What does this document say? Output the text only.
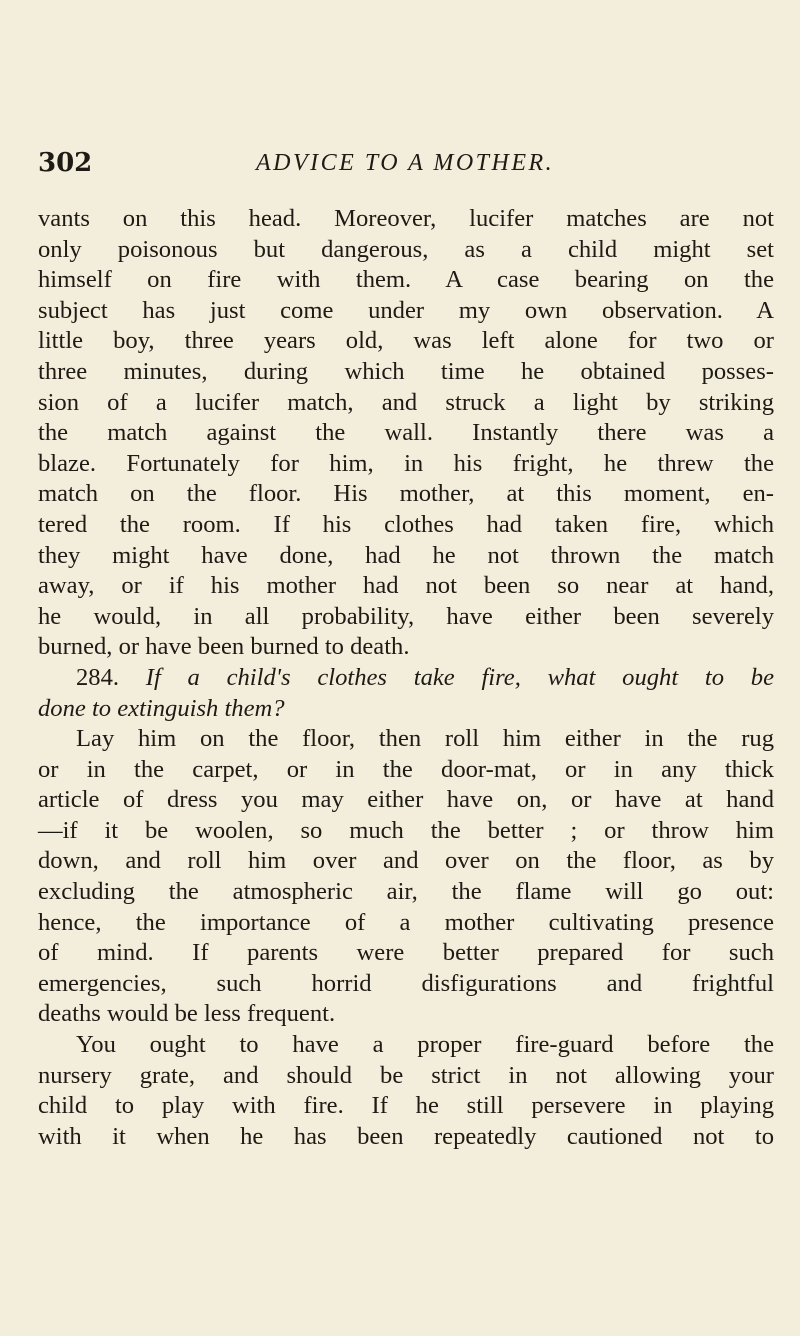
302	ADVICE TO A MOTHER.
vants on this head. Moreover, lucifer matches are not
only poisonous but dangerous, as a child might set
himself on fire with them. A case bearing on the
subject has just come under my own observation. A
little boy, three years old, was left alone for two or
three minutes, during which time he obtained posses-
sion of a lucifer match, and struck a light by striking
the match against the wall. Instantly there was a
blaze. Fortunately for him, in his fright, he threw the
match on the floor. His mother, at this moment, en-
tered the room. If his clothes had taken fire, which
they might have done, had he not thrown the match
away, or if his mother had not been so near at hand,
he would, in all probability, have either been severely
burned, or have been burned to death.
284. If a child's clothes take fire, what ought to be
done to extinguish them?
Lay him on the floor, then roll him either in the rug
or in the carpet, or in the door-mat, or in any thick
article of dress you may either have on, or have at hand
—if it be woolen, so much the better ; or throw him
down, and roll him over and over on the floor, as by
excluding the atmospheric air, the flame will go out:
hence, the importance of a mother cultivating presence
of mind. If parents were better prepared for such
emergencies, such horrid disfigurations and frightful
deaths would be less frequent.
You ought to have a proper fire-guard before the
nursery grate, and should be strict in not allowing your
child to play with fire. If he still persevere in playing
with it when he has been repeatedly cautioned not to
